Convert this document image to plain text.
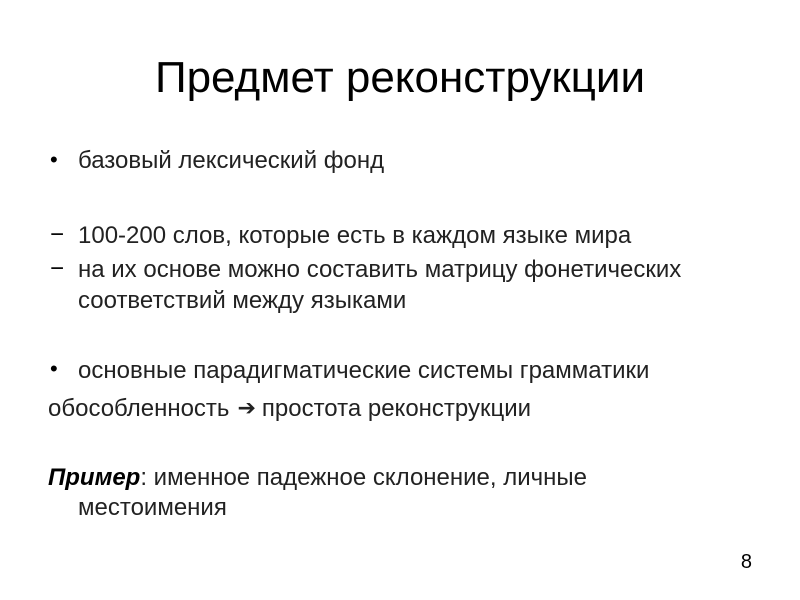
Предмет реконструкции
• базовый лексический фонд
− 100-200 слов, которые есть в каждом языке мира
− на их основе можно составить матрицу фонетических
соответствий между языками
• основные парадигматические системы грамматики
обособленность ➔ простота реконструкции
Пример: именное падежное склонение, личные
местоимения
8
